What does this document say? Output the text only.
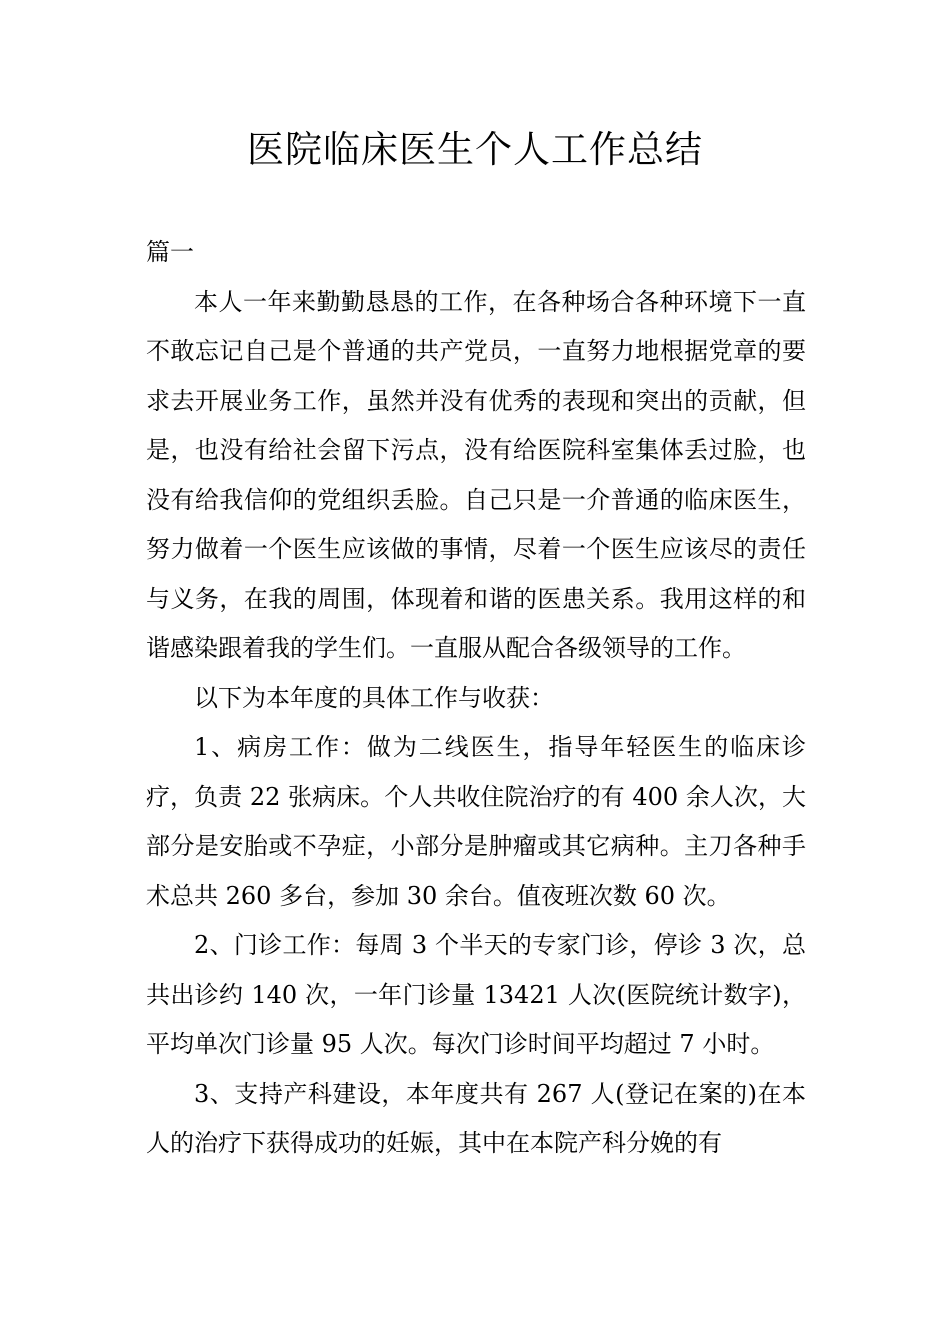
医院临床医生个人工作总结

篇一

本人一年来勤勤恳恳的工作，在各种场合各种环境下一直不敢忘记自己是个普通的共产党员，一直努力地根据党章的要求去开展业务工作，虽然并没有优秀的表现和突出的贡献，但是，也没有给社会留下污点，没有给医院科室集体丢过脸，也没有给我信仰的党组织丢脸。自己只是一介普通的临床医生，努力做着一个医生应该做的事情，尽着一个医生应该尽的责任与义务，在我的周围，体现着和谐的医患关系。我用这样的和谐感染跟着我的学生们。一直服从配合各级领导的工作。

以下为本年度的具体工作与收获：

1、病房工作：做为二线医生，指导年轻医生的临床诊疗，负责 22 张病床。个人共收住院治疗的有 400 余人次，大部分是安胎或不孕症，小部分是肿瘤或其它病种。主刀各种手术总共 260 多台，参加 30 余台。值夜班次数 60 次。

2、门诊工作：每周 3 个半天的专家门诊，停诊 3 次，总共出诊约 140 次，一年门诊量 13421 人次(医院统计数字)，平均单次门诊量 95 人次。每次门诊时间平均超过 7 小时。

3、支持产科建设，本年度共有 267 人(登记在案的)在本人的治疗下获得成功的妊娠，其中在本院产科分娩的有
